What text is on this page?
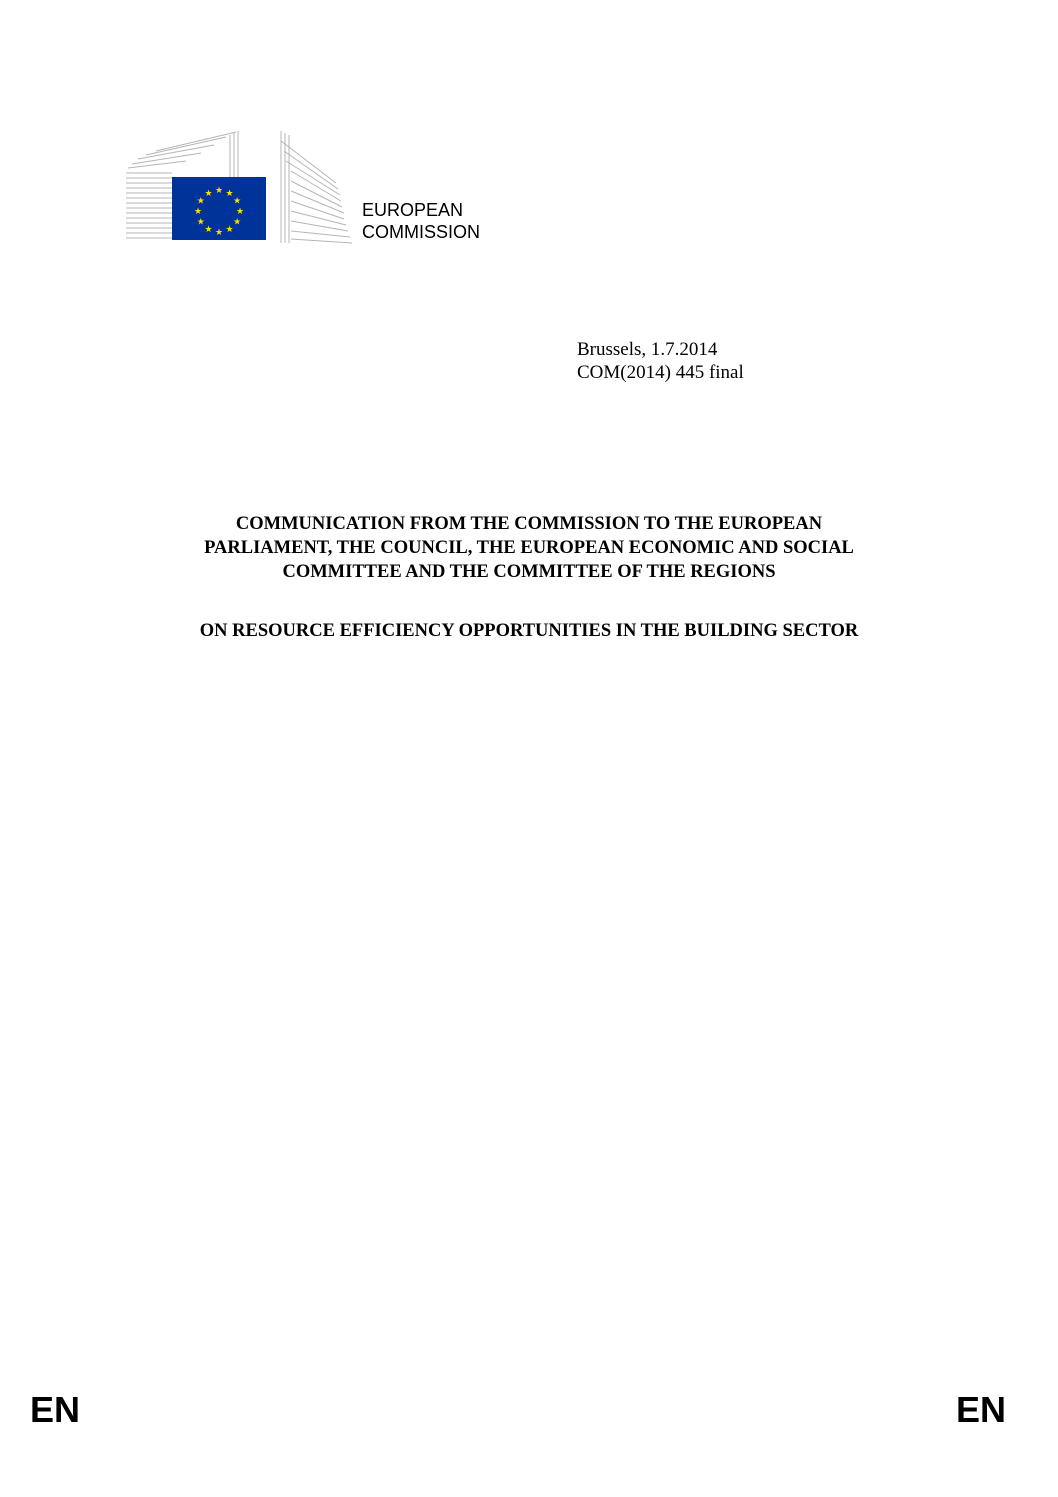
★ ★
★
★
★
★
★
★
★
★
★
★
EUROPEAN
COMMISSION
Brussels, 1.7.2014
COM(2014) 445 final
COMMUNICATION FROM THE COMMISSION TO THE EUROPEAN
PARLIAMENT, THE COUNCIL, THE EUROPEAN ECONOMIC AND SOCIAL
COMMITTEE AND THE COMMITTEE OF THE REGIONS
ON RESOURCE EFFICIENCY OPPORTUNITIES IN THE BUILDING SECTOR
EN	EN
